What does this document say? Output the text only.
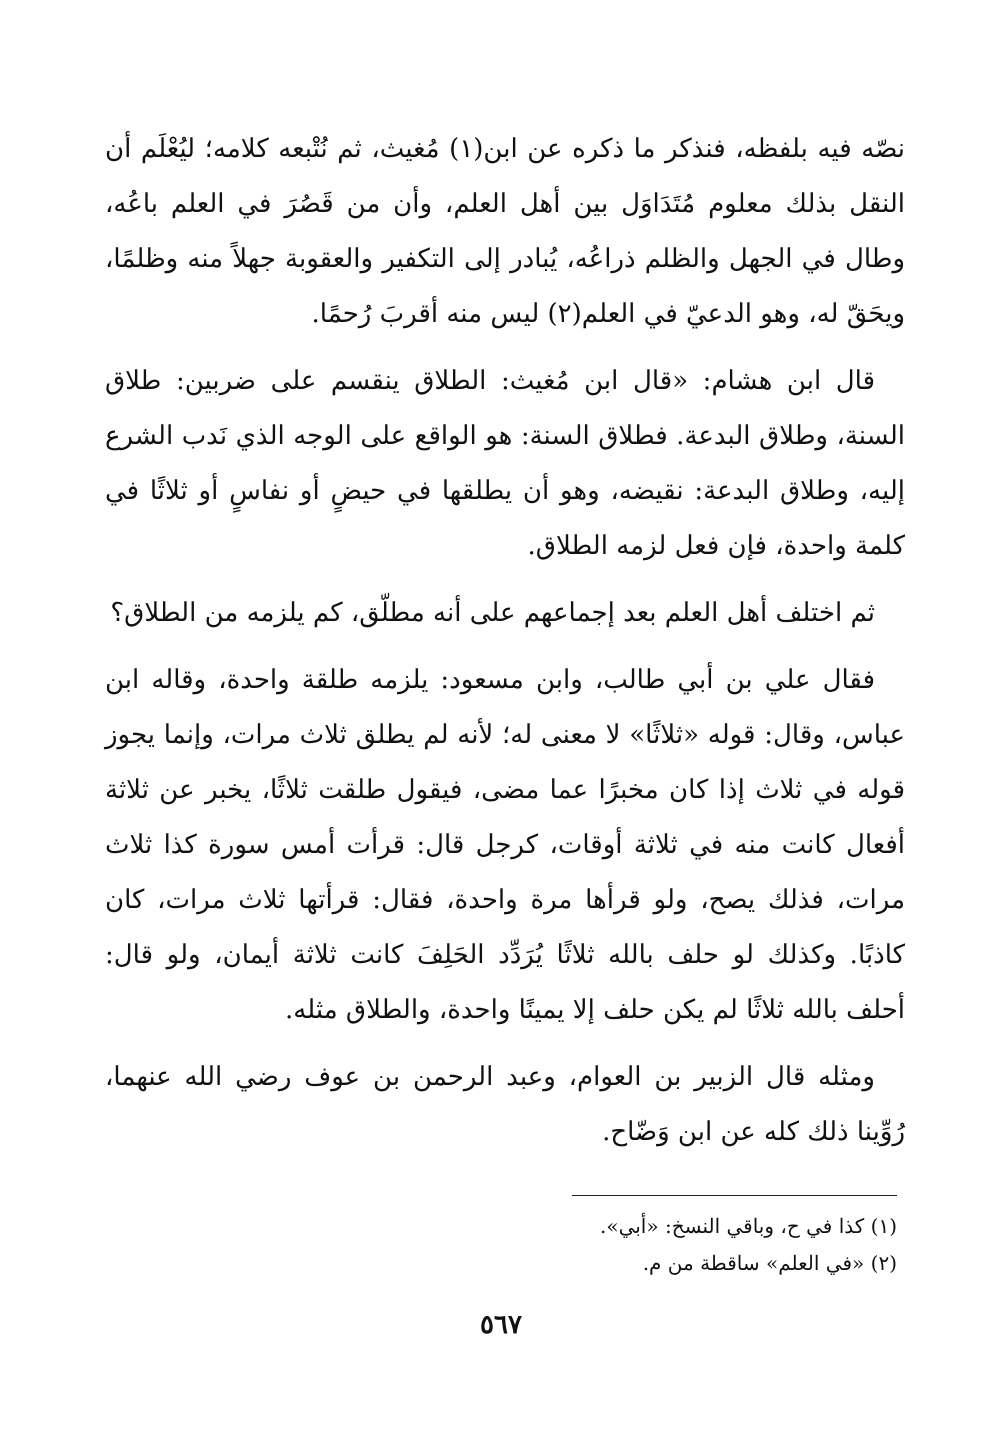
نصّه فيه بلفظه، فنذكر ما ذكره عن ابن(١) مُغيث، ثم نُتْبعه كلامه؛ ليُعْلَم أن النقل بذلك معلوم مُتَدَاوَل بين أهل العلم، وأن من قَصُرَ في العلم باعُه، وطال في الجهل والظلم ذراعُه، يُبادر إلى التكفير والعقوبة جهلاً منه وظلمًا، ويحَقّ له، وهو الدعيّ في العلم(٢) ليس منه أقربَ رُحمًا.

قال ابن هشام: «قال ابن مُغيث: الطلاق ينقسم على ضربين: طلاق السنة، وطلاق البدعة. فطلاق السنة: هو الواقع على الوجه الذي نَدب الشرع إليه، وطلاق البدعة: نقيضه، وهو أن يطلقها في حيضٍ أو نفاسٍ أو ثلاثًا في كلمة واحدة، فإن فعل لزمه الطلاق.

ثم اختلف أهل العلم بعد إجماعهم على أنه مطلّق، كم يلزمه من الطلاق؟

فقال علي بن أبي طالب، وابن مسعود: يلزمه طلقة واحدة، وقاله ابن عباس، وقال: قوله «ثلاثًا» لا معنى له؛ لأنه لم يطلق ثلاث مرات، وإنما يجوز قوله في ثلاث إذا كان مخبرًا عما مضى، فيقول طلقت ثلاثًا، يخبر عن ثلاثة أفعال كانت منه في ثلاثة أوقات، كرجل قال: قرأت أمس سورة كذا ثلاث مرات، فذلك يصح، ولو قرأها مرة واحدة، فقال: قرأتها ثلاث مرات، كان كاذبًا. وكذلك لو حلف بالله ثلاثًا يُرَدِّد الحَلِفَ كانت ثلاثة أيمان، ولو قال: أحلف بالله ثلاثًا لم يكن حلف إلا يمينًا واحدة، والطلاق مثله.

ومثله قال الزبير بن العوام، وعبد الرحمن بن عوف رضي الله عنهما، رُوِّينا ذلك كله عن ابن وَضّاح.

(١) كذا في ح، وباقي النسخ: «أبي».

(٢) «في العلم» ساقطة من م.

٥٦٧
